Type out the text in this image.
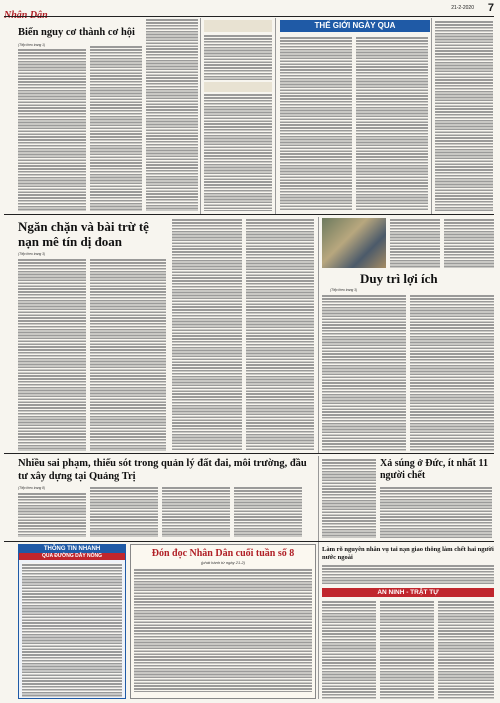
21-2-2020	7
Biển nguy cơ thành cơ hội
(Tiếp theo trang 1)
THẾ GIỚI NGÀY QUA
Ngăn chặn và bài trừ tệ nạn mê tín dị đoan
(Tiếp theo trang 3)
Duy trì lợi ích
(Tiếp theo trang 3)
Nhiều sai phạm, thiếu sót trong quản lý đất đai, môi trường, đầu tư xây dựng tại Quảng Trị
(Tiếp theo trang 8)
Xả súng ở Đức, ít nhất 11 người chết
THÔNG TIN NHANH
QUA ĐƯỜNG DÂY NÓNG	Đón đọc Nhân Dân cuối tuần số 8
(phát hành từ ngày 21-2)
Làm rõ nguyên nhân vụ tai nạn giao thông làm chết hai người nước ngoài
AN NINH - TRẬT TỰ
